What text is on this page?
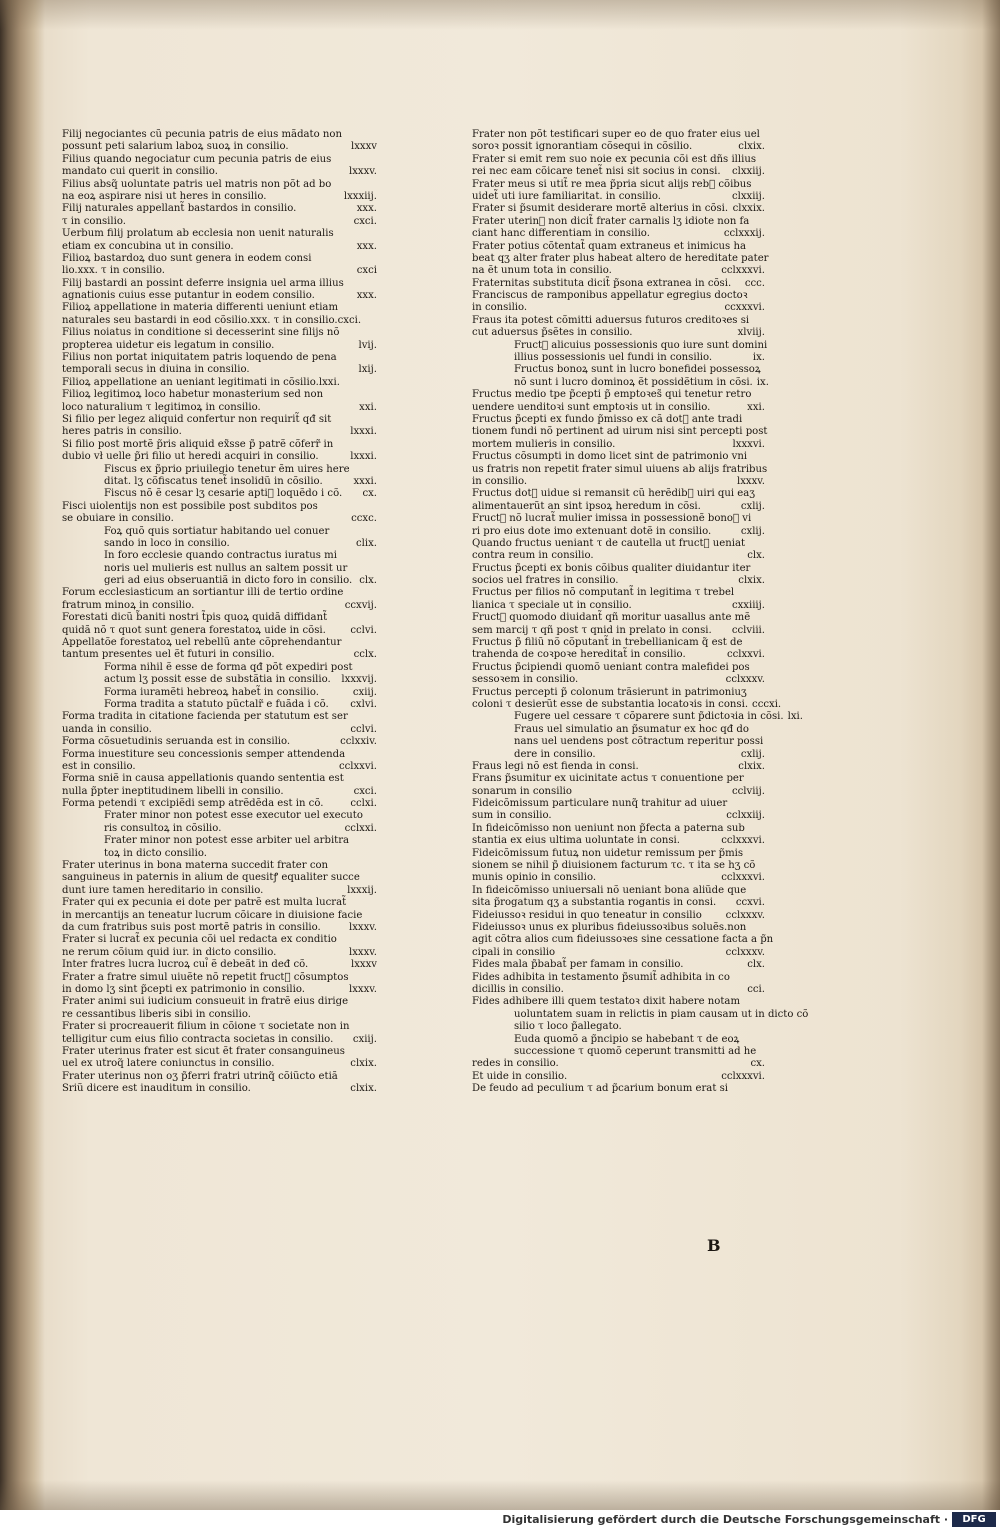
Filij negociantes cũ pecunia patris de eius mãdato non
possunt peti salarium laboꝝ suoꝝ in consilio.	lxxxv
Filius quando negociatur cum pecunia patris de eius
mandato cui querit in consilio.	lxxxv.
Filius absq̃ uoluntate patris uel matris non põt ad bo
na eoꝝ aspirare nisi ut heres in consilio.	lxxxiij.
Filij naturales appellant̃ bastardos in consilio.	xxx.
τ in consilio.	cxci.
Uerbum filij prolatum ab ecclesia non uenit naturalis
etiam ex concubina ut in consilio.	xxx.
Filioꝝ bastardoꝝ duo sunt genera in eodem consi
lio.xxx. τ in consilio.	cxci
Filij bastardi an possint deferre insignia uel arma illius
agnationis cuius esse putantur in eodem consilio.	xxx.
Filioꝝ appellatione in materia differenti ueniunt etiam
naturales seu bastardi in eod cõsilio.xxx. τ in consilio.cxci.
Filius noiatus in conditione si decesserint sine filijs nõ
propterea uidetur eis legatum in consilio.	lvij.
Filius non portat iniquitatem patris loquendo de pena
temporali secus in diuina in consilio.	lxij.
Filioꝝ appellatione an ueniant legitimati in cõsilio.lxxi.
Filioꝝ legitimoꝝ loco habetur monasterium sed non
loco naturalium τ legitimoꝝ in consilio.	xxi.
Si filio per legez aliquid confertur non requirit̃ qđ sit
heres patris in consilio.	lxxxi.
Si filio post mortẽ p̃ris aliquid ex̃sse p̃ patrẽ cõferr̃ in
dubio vł uelle p̃ri filio ut heredi acquiri in consilio.	lxxxi.
Fiscus ex p̃prio priuilegio tenetur ẽm uires here
ditat. lʒ cõfiscatus tenet̃ insolidũ in cõsilio.	xxxi.
Fiscus nõ ẽ cesar lʒ cesarie apti᷒ loquẽdo i cõ.	cx.
Fisci uiolentijs non est possibile post subditos pos
se obuiare in consilio.	ccxc.
Foꝝ quõ quis sortiatur habitando uel conuer
sando in loco in consilio.	clix.
In foro ecclesie quando contractus iuratus mi
noris uel mulieris est nullus an saltem possit ur
geri ad eius obseruantiã in dicto foro in consilio. clx.
Forum ecclesiasticum an sortiantur illi de tertio ordine
fratrum minoꝝ in consilio.	ccxvij.
Forestati dicũ b̃aniti nostri t̃pis quoꝝ quidã diffidant̃
quidã nõ τ quot sunt genera forestatoꝝ uide in cõsi.	cclvi.
Appellatõe forestatoꝝ uel rebellũ ante cõprehendantur
tantum presentes uel ẽt futuri in consilio.	cclx.
Forma nihil ẽ esse de forma qđ põt expediri post
actum lʒ possit esse de substãtia in consilio.	lxxxvij.
Forma iuramẽti hebreoꝝ habet̃ in consilio.	cxiij.
Forma tradita a statuto pũctalr̃ e fuãda i cõ.	cxlvi.
Forma tradita in citatione facienda per statutum est ser
uanda in consilio.	cclvi.
Forma cõsuetudinis seruanda est in consilio.	cclxxiv.
Forma inuestiture seu concessionis semper attendenda
est in consilio.	cclxxvi.
Forma sniẽ in causa appellationis quando sententia est
nulla p̃pter ineptitudinem libelli in consilio.	cxci.
Forma petendi τ excipiẽdi semp atrẽdẽda est in cõ.	cclxi.
Frater minor non potest esse executor uel executo
ris consultoꝝ in cõsilio.	cclxxi.
Frater minor non potest esse arbiter uel arbitra
toꝝ in dicto consilio.
Frater uterinus in bona materna succedit frater con
sanguineus in paternis in alium de quesitꝭ equaliter succe
dunt iure tamen hereditario in consilio.	lxxxij.
Frater qui ex pecunia ei dote per patrẽ est multa lucrat̃
in mercantijs an teneatur lucrum cõicare in diuisione facie
da cum fratribus suis post mortẽ patris in consilio.	lxxxv.
Frater si lucrat̃ ex pecunia cõi uel redacta ex conditio
ne rerum cõium quid iur. in dicto consilio.	lxxxv.
Inter fratres lucra lucroꝝ cui᷒ ẽ debeãt in deđ cõ.	lxxxv
Frater a fratre simul uiuẽte nõ repetit fruct᷒ cõsumptos
in domo lʒ sint p̃cepti ex patrimonio in consilio.	lxxxv.
Frater animi sui iudicium consueuit in fratrẽ eius dirige
re cessantibus liberis sibi in consilio.
Frater si procreauerit filium in cõione τ societate non in
telligitur cum eius filio contracta societas in consilio.	cxiij.
Frater uterinus frater est sicut ẽt frater consanguineus
uel ex utroq̃ latere coniunctus in consilio.	clxix.
Frater uterinus non oʒ p̃ferri fratri utrinq̃ cõiũcto etiã
Sriũ dicere est inauditum in consilio.	clxix.
Frater non põt testificari super eo de quo frater eius uel
soroꝛ possit ignorantiam cõsequi in cõsilio.	clxix.
Frater si emit rem suo noie ex pecunia cõi est dñs illius
rei nec eam cõicare tenet̃ nisi sit socius in consi.	clxxiij.
Frater meus si utit̃ re mea p̃pria sicut alijs reb᷒ cõibus
uidet̃ uti iure familiaritat. in consilio.	clxxiij.
Frater si p̃sumit desiderare mortẽ alterius in cõsi. clxxix.
Frater uterin᷒ non dicit̃ frater carnalis lʒ idiote non fa
ciant hanc differentiam in consilio.	cclxxxij.
Frater potius cõtentat̃ quam extraneus et inimicus ha
beat qʒ alter frater plus habeat altero de hereditate pater
na ẽt unum tota in consilio.	cclxxxvi.
Fraternitas substituta dicit̃ p̃sona extranea in cõsi.	ccc.
Franciscus de ramponibus appellatur egregius doctoꝛ
in consilio.	ccxxxvi.
Fraus ita potest cõmitti aduersus futuros creditoꝛes si
cut aduersus p̃sẽtes in consilio.	xlviij.
Fruct᷒ alicuius possessionis quo iure sunt domini
illius possessionis uel fundi in consilio.	ix.
Fructus bonoꝝ sunt in lucro bonefidei possessoꝝ
nõ sunt i lucro dominoꝝ ẽt possidẽtium in cõsi. ix.
Fructus medio tpe p̃cepti p̃ emptoꝛes̃ qui tenetur retro
uendere uenditoꝛi sunt emptoꝛis ut in consilio.	xxi.
Fructus p̃cepti ex fundo p̃misso ex cã dot᷒ ante tradi
tionem fundi nõ pertinent ad uirum nisi sint percepti post
mortem mulieris in consilio.	lxxxvi.
Fructus cõsumpti in domo licet sint de patrimonio vni
us fratris non repetit frater simul uiuens ab alijs fratribus
in consilio.	lxxxv.
Fructus dot᷒ uidue si remansit cũ herẽdib᷒ uiri qui eaʒ
alimentauerũt an sint ipsoꝝ heredum in cõsi.	cxlij.
Fruct᷒ nõ lucrat̃ mulier imissa in possessionẽ bonoꝝ vi
ri pro eius dote imo extenuant dotẽ in consilio.	cxlij.
Quando fructus ueniant τ de cautella ut fruct᷒ ueniat
contra reum in consilio.	clx.
Fructus p̃cepti ex bonis cõibus qualiter diuidantur iter
socios uel fratres in consilio.	clxix.
Fructus per filios nõ computant̃ in legitima τ trebel
lianica τ speciale ut in consilio.	cxxiiij.
Fruct᷒ quomodo diuidant̃ qñ moritur uasallus ante mẽ
sem marcij τ qñ post τ qnid in prelato in consi.	cclviii.
Fructus p̃ filiũ nõ cõputant̃ in trebellianicam q̃ est de
trahenda de coꝛpoꝛe hereditat̃ in consilio.	cclxxvi.
Fructus p̃cipiendi quomõ ueniant contra malefidei pos
sessoꝛem in consilio.	cclxxxv.
Fructus percepti p̃ colonum trãsierunt in patrimoniuʒ
coloni τ desierũt esse de substantia locatoꝛis in consi. cccxi.
Fugere uel cessare τ cõparere sunt p̃dictoꝛia in cõsi. lxi.
Fraus uel simulatio an p̃sumatur ex hoc qđ do
nans uel uendens post cõtractum reperitur possi
dere in consilio.	cxlij.
Fraus legi nõ est fienda in consi.	clxix.
Frans p̃sumitur ex uicinitate actus τ conuentione per
sonarum in consilio	cclviij.
Fideicõmissum particulare nunq̃ trahitur ad uiuer
sum in consilio.	cclxxiij.
In fideicõmisso non ueniunt non p̃fecta a paterna sub
stantia ex eius ultima uoluntate in consi.	cclxxxvi.
Fideicõmissum futuꝝ non uidetur remissum per p̃mis
sionem se nihil p̃ diuisionem facturum τc. τ ita se hʒ cõ
munis opinio in consilio.	cclxxxvi.
In fideicõmisso uniuersali nõ ueniant bona aliũde que
sita p̃rogatum qʒ a substantia rogantis in consi.	ccxvi.
Fideiussoꝛ residui in quo teneatur in consilio	cclxxxv.
Fideiussoꝛ unus ex pluribus fideiussoꝛibus soluẽs.non
agit cõtra alios cum fideiussoꝛes sine cessatione facta a p̃n
cipali in consilio	cclxxxv.
Fides mala p̃babat̃ per famam in consilio.	clx.
Fides adhibita in testamento p̃sumit̃ adhibita in co
dicillis in consilio.	cci.
Fides adhibere illi quem testatoꝛ dixit habere notam
uoluntatem suam in relictis in piam causam ut in dicto cõ
silio τ loco p̃allegato.
Euda quomõ a p̃ncipio se habebant τ de eoꝝ
successione τ quomõ ceperunt transmitti ad he
redes in consilio.	cx.
Et uide in consilio.	cclxxxvi.
De feudo ad peculium τ ad p̃carium bonum erat si
B
Digitalisierung gefördert durch die Deutsche Forschungsgemeinschaft ·	DFG
